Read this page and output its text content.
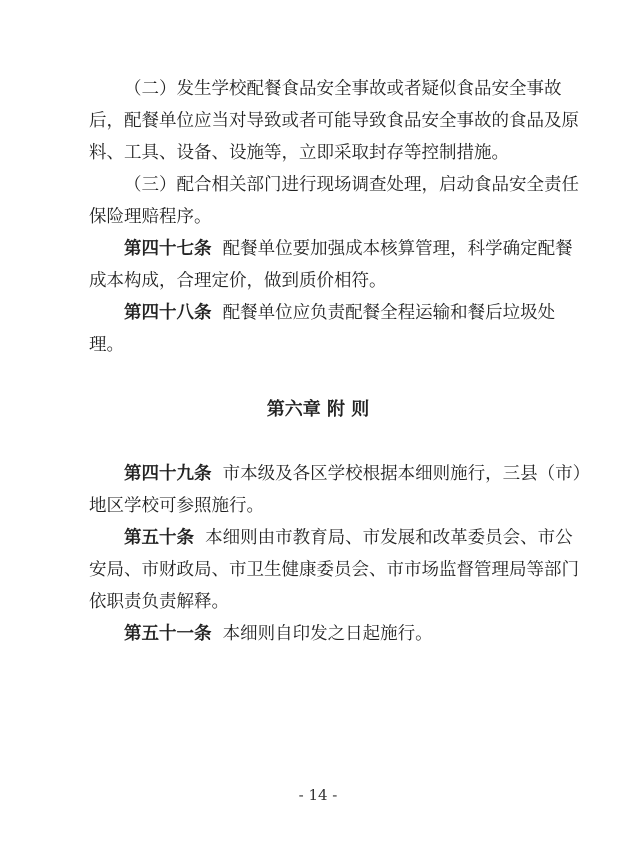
（二）发生学校配餐食品安全事故或者疑似食品安全事故
后，配餐单位应当对导致或者可能导致食品安全事故的食品及原
料、工具、设备、设施等，立即采取封存等控制措施。
（三）配合相关部门进行现场调查处理，启动食品安全责任
保险理赔程序。
第四十七条 配餐单位要加强成本核算管理，科学确定配餐
成本构成，合理定价，做到质价相符。
第四十八条 配餐单位应负责配餐全程运输和餐后垃圾处
理。
第六章 附 则
第四十九条 市本级及各区学校根据本细则施行，三县（市）
地区学校可参照施行。
第五十条 本细则由市教育局、市发展和改革委员会、市公
安局、市财政局、市卫生健康委员会、市市场监督管理局等部门
依职责负责解释。
第五十一条 本细则自印发之日起施行。
- 14 -
